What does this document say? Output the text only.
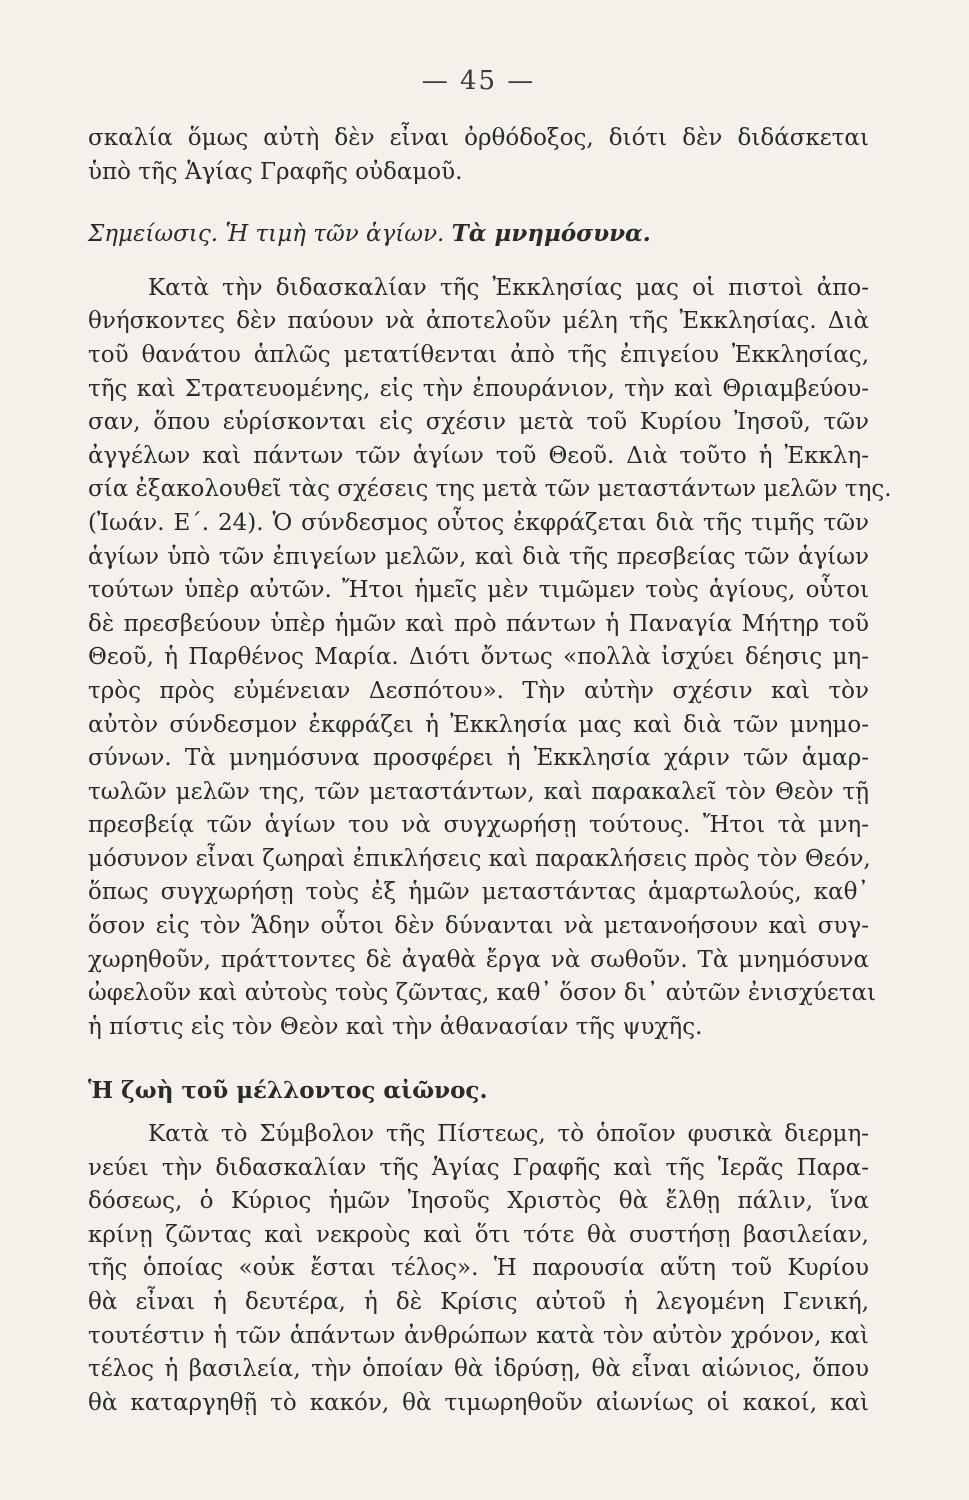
— 45 —
σκαλία ὅμως αὐτὴ δὲν εἶναι ὀρθόδοξος, διότι δὲν διδάσκεται
ὑπὸ τῆς Ἁγίας Γραφῆς οὐδαμοῦ.
Σημείωσις. Ἡ τιμὴ τῶν ἁγίων. Τὰ μνημόσυνα.
Κατὰ τὴν διδασκαλίαν τῆς Ἐκκλησίας μας οἱ πιστοὶ ἀπο-
θνήσκοντες δὲν παύουν νὰ ἀποτελοῦν μέλη τῆς Ἐκκλησίας. Διὰ
τοῦ θανάτου ἁπλῶς μετατίθενται ἀπὸ τῆς ἐπιγείου Ἐκκλησίας,
τῆς καὶ Στρατευομένης, εἰς τὴν ἐπουράνιον, τὴν καὶ Θριαμβεύου-
σαν, ὅπου εὑρίσκονται εἰς σχέσιν μετὰ τοῦ Κυρίου Ἰησοῦ, τῶν
ἀγγέλων καὶ πάντων τῶν ἁγίων τοῦ Θεοῦ. Διὰ τοῦτο ἡ Ἐκκλη-
σία ἐξακολουθεῖ τὰς σχέσεις της μετὰ τῶν μεταστάντων μελῶν της.
(Ἰωάν. Ε΄. 24). Ὁ σύνδεσμος οὗτος ἐκφράζεται διὰ τῆς τιμῆς τῶν
ἁγίων ὑπὸ τῶν ἐπιγείων μελῶν, καὶ διὰ τῆς πρεσβείας τῶν ἁγίων
τούτων ὑπὲρ αὐτῶν. Ἤτοι ἡμεῖς μὲν τιμῶμεν τοὺς ἁγίους, οὗτοι
δὲ πρεσβεύουν ὑπὲρ ἡμῶν καὶ πρὸ πάντων ἡ Παναγία Μήτηρ τοῦ
Θεοῦ, ἡ Παρθένος Μαρία. Διότι ὄντως «πολλὰ ἰσχύει δέησις μη-
τρὸς πρὸς εὐμένειαν Δεσπότου». Τὴν αὐτὴν σχέσιν καὶ τὸν
αὐτὸν σύνδεσμον ἐκφράζει ἡ Ἐκκλησία μας καὶ διὰ τῶν μνημο-
σύνων. Τὰ μνημόσυνα προσφέρει ἡ Ἐκκλησία χάριν τῶν ἁμαρ-
τωλῶν μελῶν της, τῶν μεταστάντων, καὶ παρακαλεῖ τὸν Θεὸν τῇ
πρεσβείᾳ τῶν ἁγίων του νὰ συγχωρήσῃ τούτους. Ἤτοι τὰ μνη-
μόσυνον εἶναι ζωηραὶ ἐπικλήσεις καὶ παρακλήσεις πρὸς τὸν Θεόν,
ὅπως συγχωρήσῃ τοὺς ἐξ ἡμῶν μεταστάντας ἁμαρτωλούς, καθ᾿
ὅσον εἰς τὸν Ἅδην οὗτοι δὲν δύνανται νὰ μετανοήσουν καὶ συγ-
χωρηθοῦν, πράττοντες δὲ ἀγαθὰ ἔργα νὰ σωθοῦν. Τὰ μνημόσυνα
ὠφελοῦν καὶ αὐτοὺς τοὺς ζῶντας, καθ᾿ ὅσον δι᾿ αὐτῶν ἐνισχύεται
ἡ πίστις εἰς τὸν Θεὸν καὶ τὴν ἀθανασίαν τῆς ψυχῆς.
Ἡ ζωὴ τοῦ μέλλοντος αἰῶνος.
Κατὰ τὸ Σύμβολον τῆς Πίστεως, τὸ ὁποῖον φυσικὰ διερμη-
νεύει τὴν διδασκαλίαν τῆς Ἁγίας Γραφῆς καὶ τῆς Ἱερᾶς Παρα-
δόσεως, ὁ Κύριος ἡμῶν Ἰησοῦς Χριστὸς θὰ ἔλθῃ πάλιν, ἵνα
κρίνῃ ζῶντας καὶ νεκροὺς καὶ ὅτι τότε θὰ συστήσῃ βασιλείαν,
τῆς ὁποίας «οὐκ ἔσται τέλος». Ἡ παρουσία αὕτη τοῦ Κυρίου
θὰ εἶναι ἡ δευτέρα, ἡ δὲ Κρίσις αὐτοῦ ἡ λεγομένη Γενική,
τουτέστιν ἡ τῶν ἁπάντων ἀνθρώπων κατὰ τὸν αὐτὸν χρόνον, καὶ
τέλος ἡ βασιλεία, τὴν ὁποίαν θὰ ἱδρύσῃ, θὰ εἶναι αἰώνιος, ὅπου
θὰ καταργηθῇ τὸ κακόν, θὰ τιμωρηθοῦν αἰωνίως οἱ κακοί, καὶ
